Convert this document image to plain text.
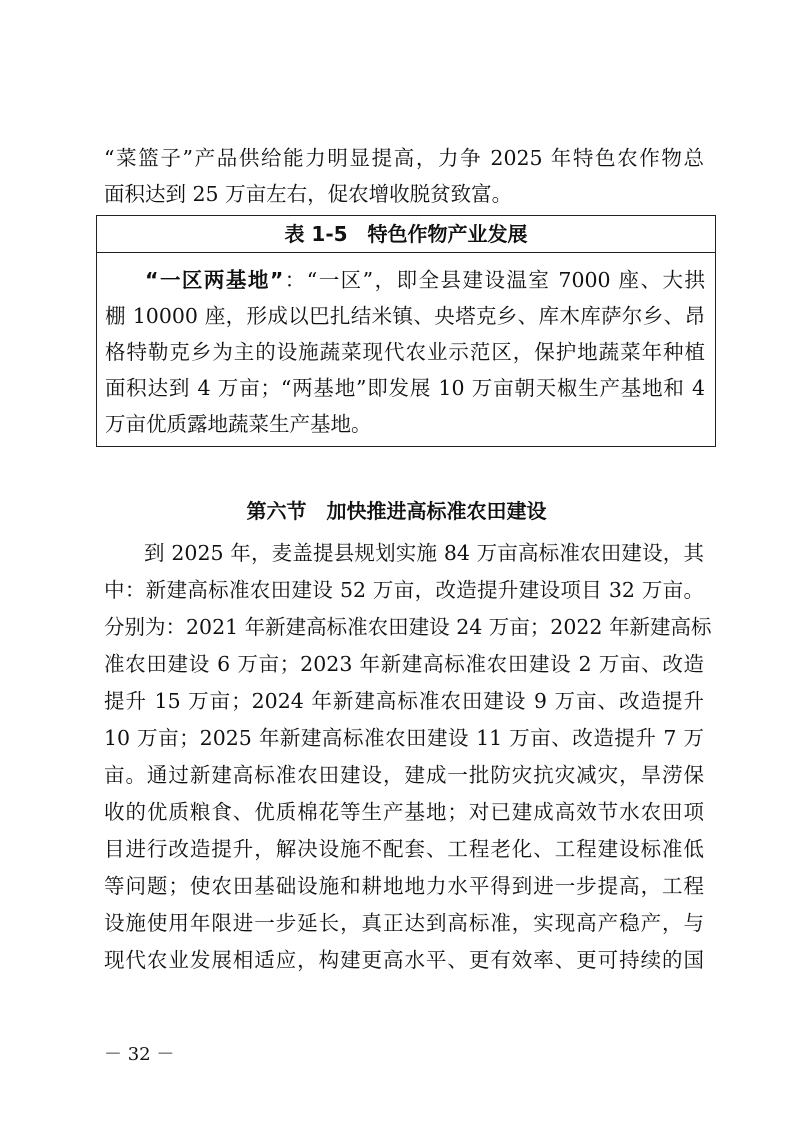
“菜篮子”产品供给能力明显提高，力争 2025 年特色农作物总
面积达到 25 万亩左右，促农增收脱贫致富。
表 1-5　特色作物产业发展
“一区两基地”：“一区”，即全县建设温室 7000 座、大拱
棚 10000 座，形成以巴扎结米镇、央塔克乡、库木库萨尔乡、昂
格特勒克乡为主的设施蔬菜现代农业示范区，保护地蔬菜年种植
面积达到 4 万亩；“两基地”即发展 10 万亩朝天椒生产基地和 4
万亩优质露地蔬菜生产基地。
第六节　加快推进高标准农田建设
到 2025 年，麦盖提县规划实施 84 万亩高标准农田建设，其
中：新建高标准农田建设 52 万亩，改造提升建设项目 32 万亩。
分别为：2021 年新建高标准农田建设 24 万亩；2022 年新建高标
准农田建设 6 万亩；2023 年新建高标准农田建设 2 万亩、改造
提升 15 万亩；2024 年新建高标准农田建设 9 万亩、改造提升
10 万亩；2025 年新建高标准农田建设 11 万亩、改造提升 7 万
亩。通过新建高标准农田建设，建成一批防灾抗灾减灾，旱涝保
收的优质粮食、优质棉花等生产基地；对已建成高效节水农田项
目进行改造提升，解决设施不配套、工程老化、工程建设标准低
等问题；使农田基础设施和耕地地力水平得到进一步提高，工程
设施使用年限进一步延长，真正达到高标准，实现高产稳产，与
现代农业发展相适应，构建更高水平、更有效率、更可持续的国
－ 32 －
